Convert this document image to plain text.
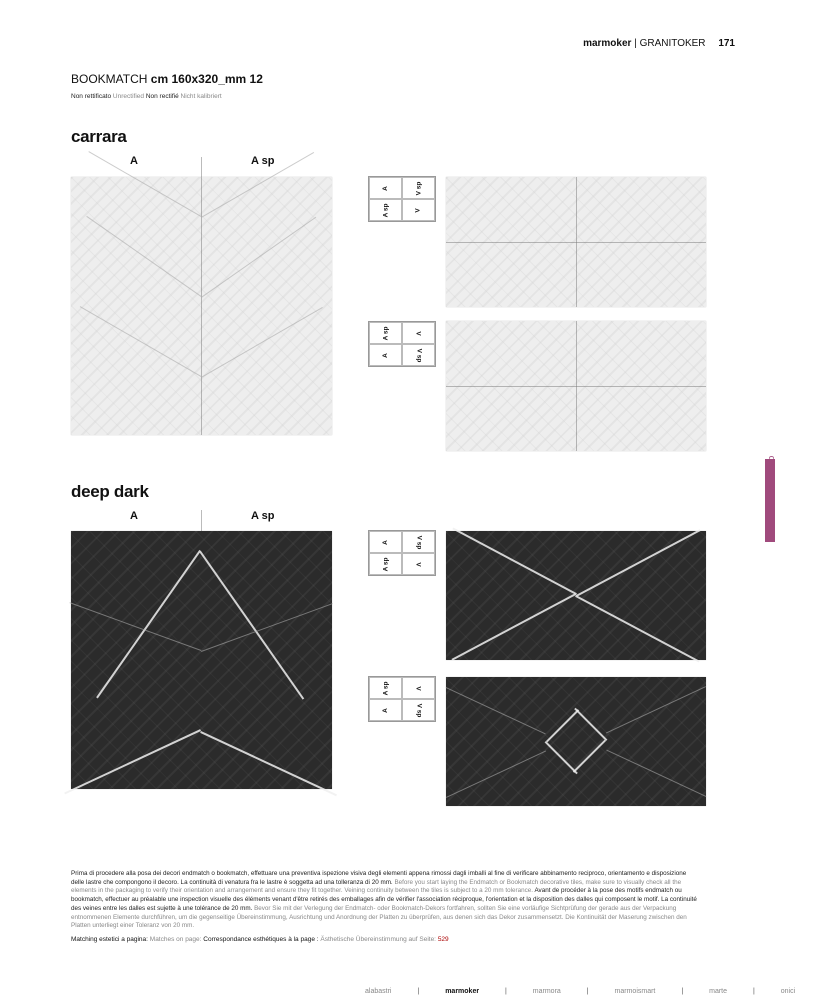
marmoker | GRANITOKER 171
BOOKMATCH cm 160x320_mm 12
Non rettificato Unrectified Non rectifié Nicht kalibriert
carrara
A	A sp
A	V sp
A sp	V
A sp	V
A	V sp
deep dark
A	A sp
A	V sp
A sp	V
A sp	V
A	V sp
ecomarmo
Prima di procedere alla posa dei decori endmatch o bookmatch, effettuare una preventiva ispezione visiva degli elementi appena rimossi dagli imballi al fine di verificare abbinamento reciproco, orientamento e disposizione delle lastre che compongono il decoro. La continuità di venatura fra le lastre è soggetta ad una tolleranza di 20 mm. Before you start laying the Endmatch or Bookmatch decorative tiles, make sure to visually check all the elements in the packaging to verify their orientation and arrangement and ensure they fit together. Veining continuity between the tiles is subject to a 20 mm tolerance. Avant de procéder à la pose des motifs endmatch ou bookmatch, effectuer au préalable une inspection visuelle des éléments venant d'être retirés des emballages afin de vérifier l'association réciproque, l'orientation et la disposition des dalles qui composent le motif. La continuité des veines entre les dalles est sujette à une tolérance de 20 mm. Bevor Sie mit der Verlegung der Endmatch- oder Bookmatch-Dekors fortfahren, sollten Sie eine vorläufige Sichtprüfung der gerade aus der Verpackung entnommenen Elemente durchführen, um die gegenseitige Übereinstimmung, Ausrichtung und Anordnung der Platten zu überprüfen, aus denen sich das Dekor zusammensetzt. Die Kontinuität der Maserung zwischen den Platten unterliegt einer Toleranz von 20 mm.
Matching estetici a pagina: Matches on page: Correspondance esthétiques à la page : Ästhetische Übereinstimmung auf Seite: 529
alabastri	|	marmoker	|	marmora	|	marmoismart	|	marte	|	onici
